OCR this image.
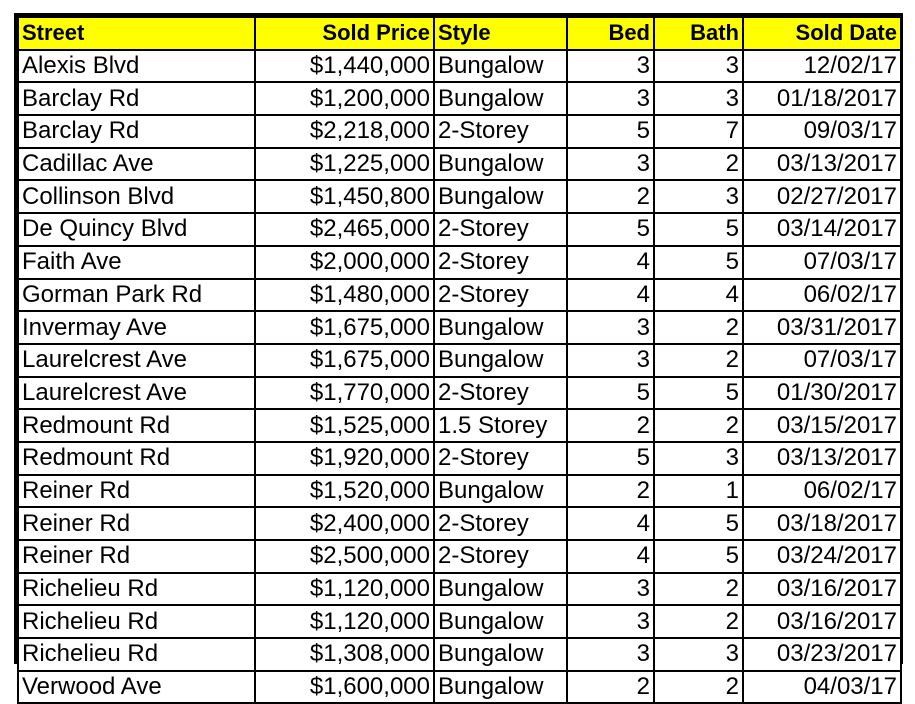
Street	Sold Price	Style	Bed	Bath	Sold Date
Alexis Blvd	$1,440,000	Bungalow	3	3	12/02/17
Barclay Rd	$1,200,000	Bungalow	3	3	01/18/2017
Barclay Rd	$2,218,000	2-Storey	5	7	09/03/17
Cadillac Ave	$1,225,000	Bungalow	3	2	03/13/2017
Collinson Blvd	$1,450,800	Bungalow	2	3	02/27/2017
De Quincy Blvd	$2,465,000	2-Storey	5	5	03/14/2017
Faith Ave	$2,000,000	2-Storey	4	5	07/03/17
Gorman Park Rd	$1,480,000	2-Storey	4	4	06/02/17
Invermay Ave	$1,675,000	Bungalow	3	2	03/31/2017
Laurelcrest Ave	$1,675,000	Bungalow	3	2	07/03/17
Laurelcrest Ave	$1,770,000	2-Storey	5	5	01/30/2017
Redmount Rd	$1,525,000	1.5 Storey	2	2	03/15/2017
Redmount Rd	$1,920,000	2-Storey	5	3	03/13/2017
Reiner Rd	$1,520,000	Bungalow	2	1	06/02/17
Reiner Rd	$2,400,000	2-Storey	4	5	03/18/2017
Reiner Rd	$2,500,000	2-Storey	4	5	03/24/2017
Richelieu Rd	$1,120,000	Bungalow	3	2	03/16/2017
Richelieu Rd	$1,120,000	Bungalow	3	2	03/16/2017
Richelieu Rd	$1,308,000	Bungalow	3	3	03/23/2017
Verwood Ave	$1,600,000	Bungalow	2	2	04/03/17
